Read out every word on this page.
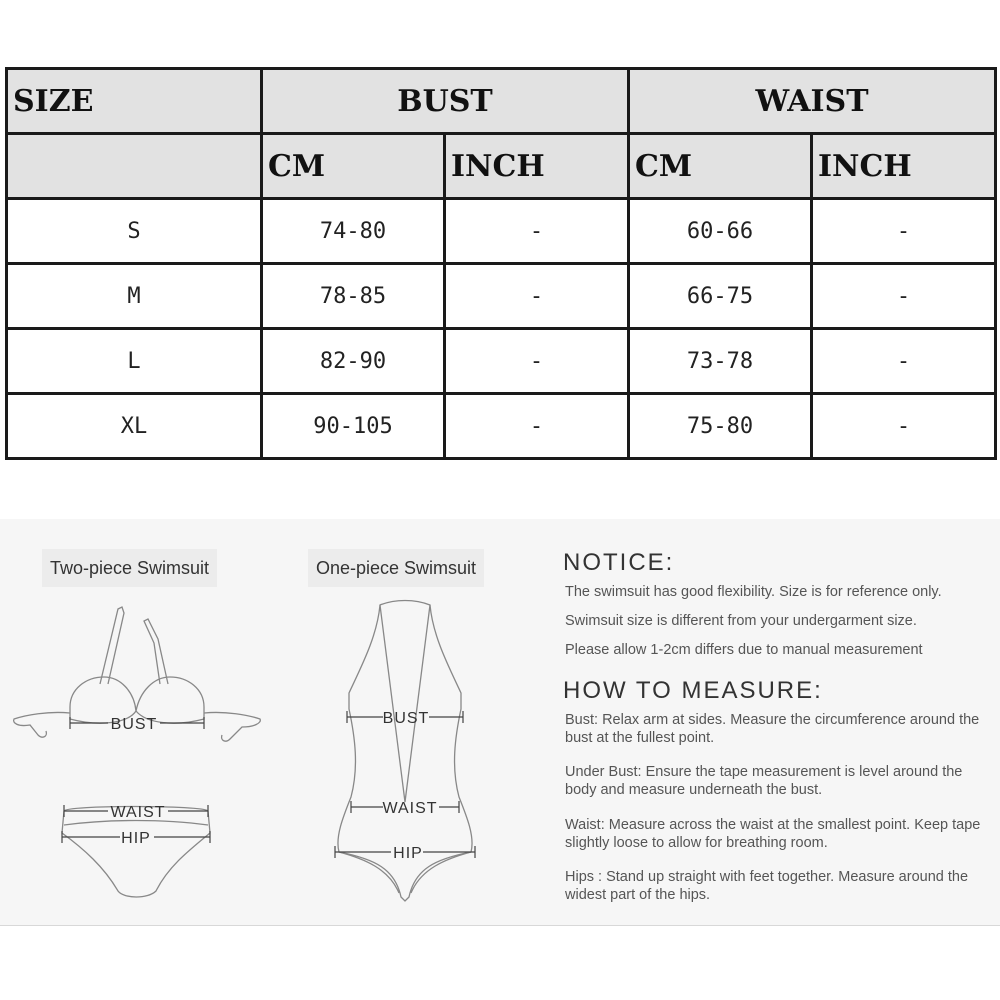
SIZE	BUST		WAIST	
	CM	INCH	CM	INCH
S	74-80	-	60-66	-
M	78-85	-	66-75	-
L	82-90	-	73-78	-
XL	90-105	-	75-80	-
Two-piece Swimsuit	One-piece Swimsuit
BUST
WAIST
HIP
BUST
WAIST
HIP
NOTICE:
The swimsuit has good flexibility. Size is for reference only.
Swimsuit size is different from your undergarment size.
Please allow 1-2cm differs due to manual measurement
HOW TO MEASURE:
Bust: Relax arm at sides. Measure the circumference around the bust at the fullest point.
Under Bust: Ensure the tape measurement is level around the body and measure underneath the bust.
Waist: Measure across the waist at the smallest point. Keep tape slightly loose to allow for breathing room.
Hips : Stand up straight with feet together. Measure around the widest part of the hips.
